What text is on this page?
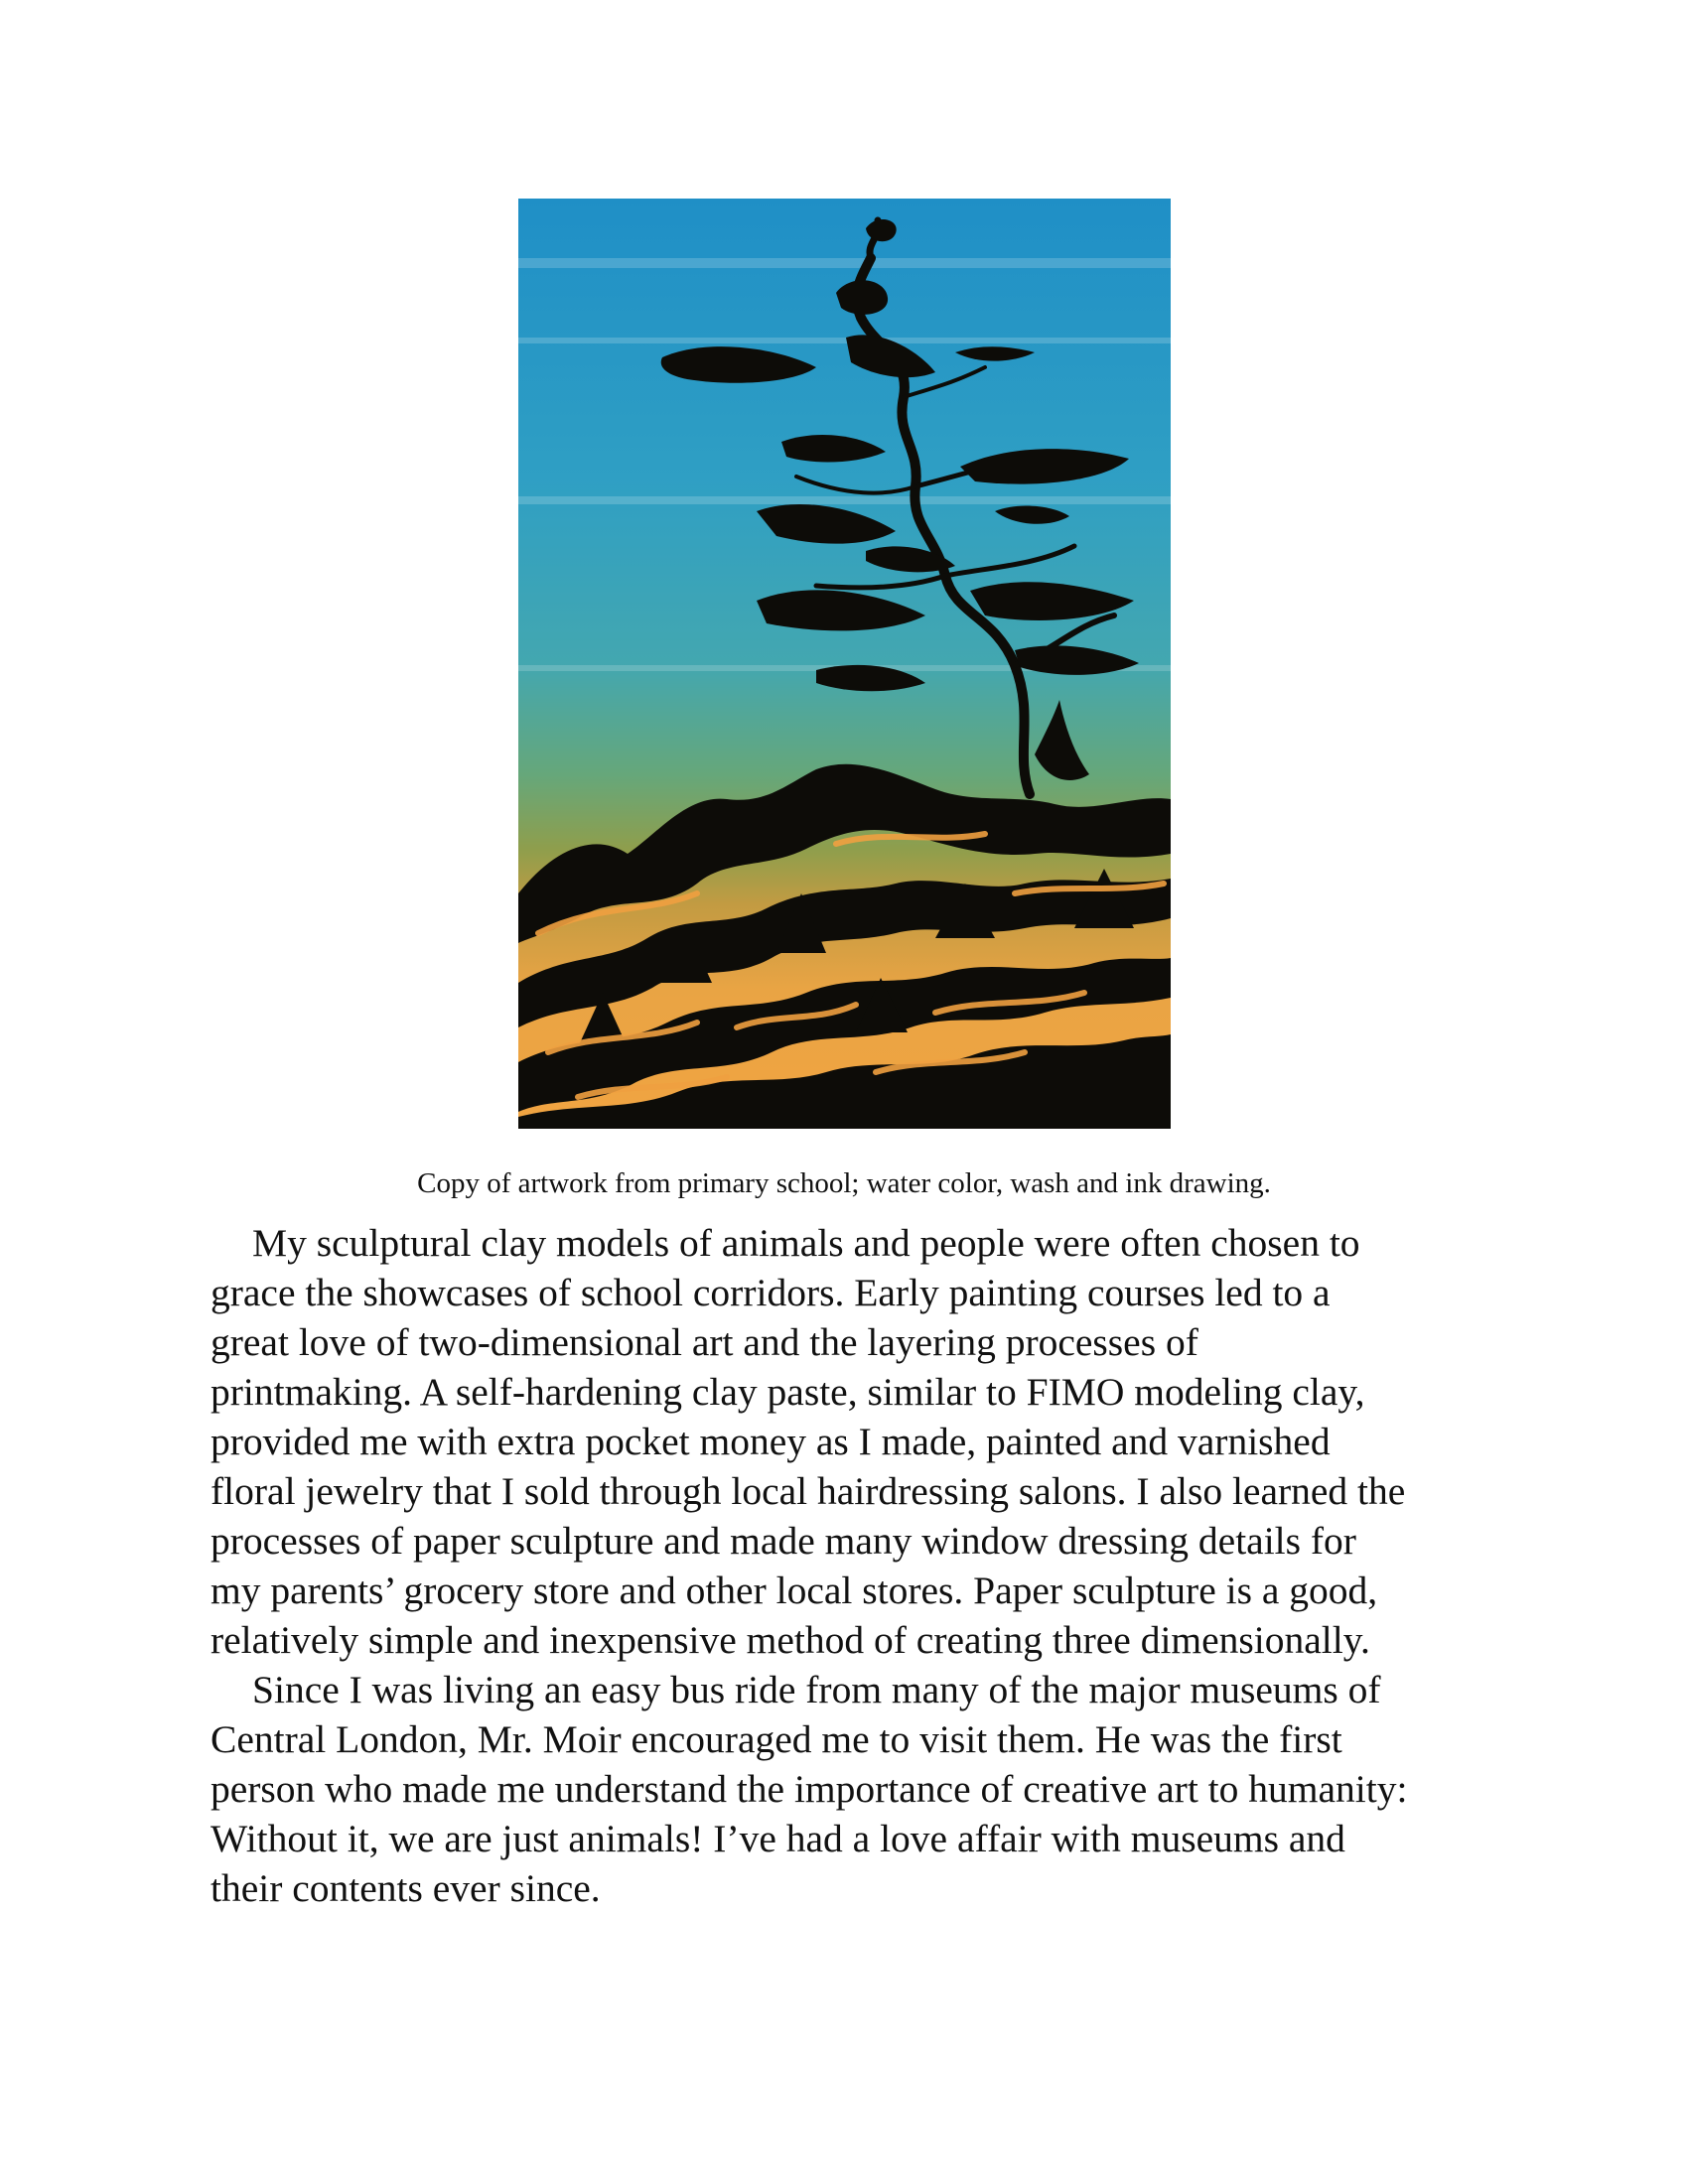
Copy of artwork from primary school; water color, wash and ink drawing.
My sculptural clay models of animals and people were often chosen to
grace the showcases of school corridors. Early painting courses led to a
great love of two-dimensional art and the layering processes of
printmaking. A self-hardening clay paste, similar to FIMO modeling clay,
provided me with extra pocket money as I made, painted and varnished
floral jewelry that I sold through local hairdressing salons. I also learned the
processes of paper sculpture and made many window dressing details for
my parents’ grocery store and other local stores. Paper sculpture is a good,
relatively simple and inexpensive method of creating three dimensionally.
Since I was living an easy bus ride from many of the major museums of
Central London, Mr. Moir encouraged me to visit them. He was the first
person who made me understand the importance of creative art to humanity:
Without it, we are just animals! I’ve had a love affair with museums and
their contents ever since.
